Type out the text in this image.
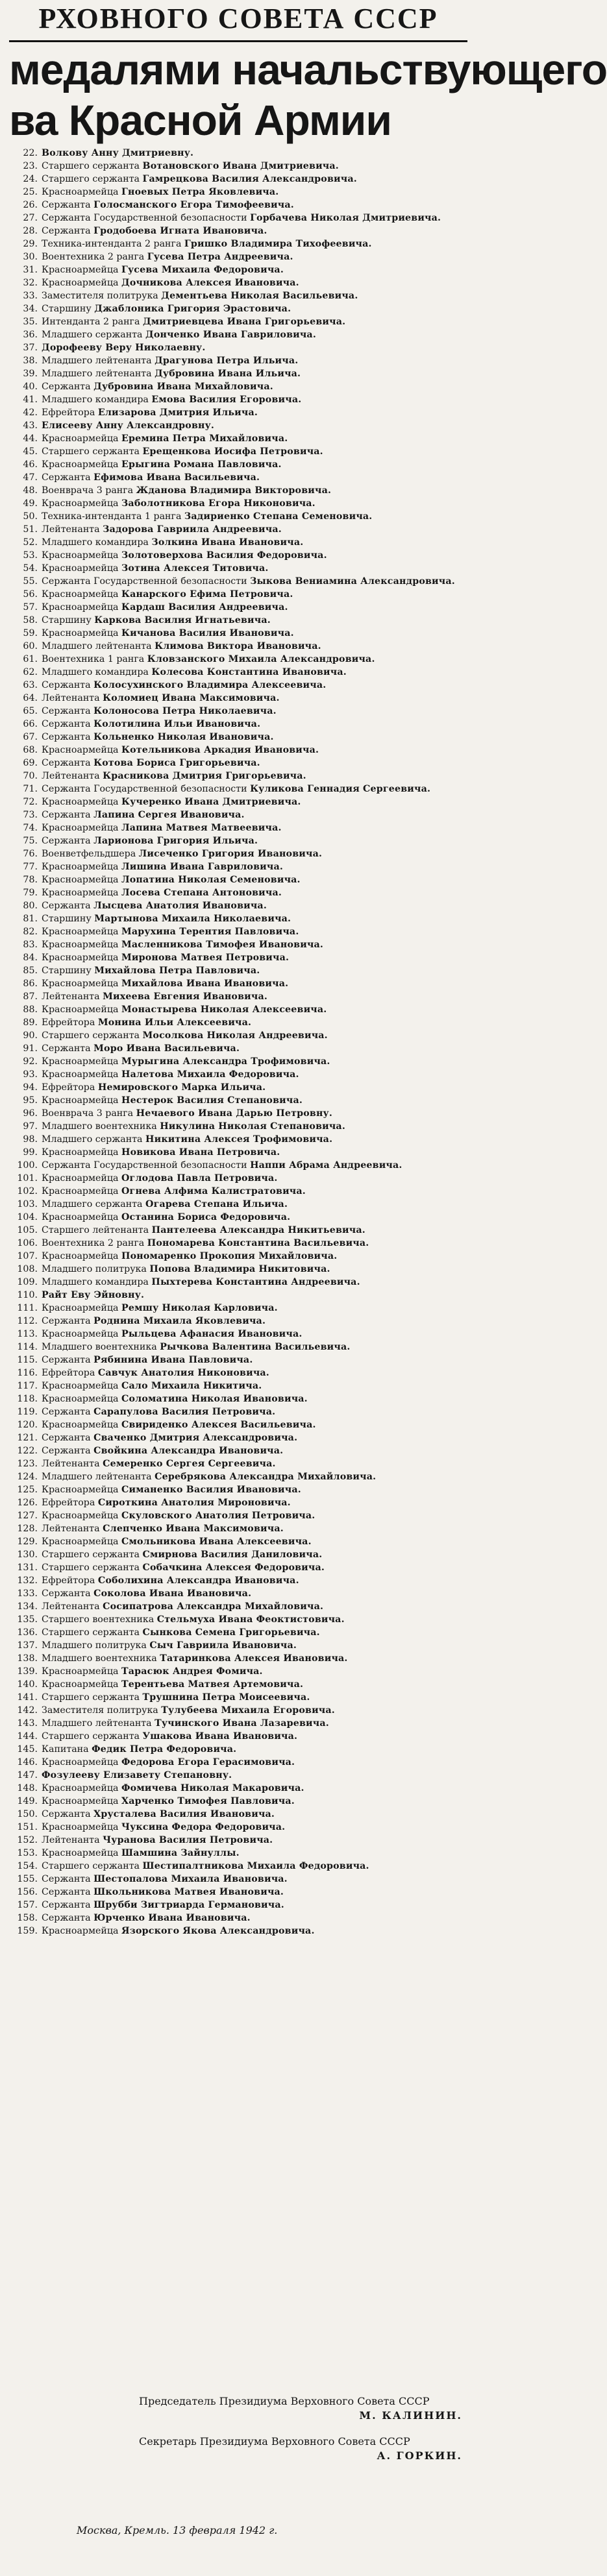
РХОВНОГО СОВЕТА СССР
медалями начальствующего
ва Красной Армии
22. Волкову Анну Дмитриевну.
23. Старшего сержанта Вотановского Ивана Дмитриевича.
24. Старшего сержанта Гамрецкова Василия Александровича.
25. Красноармейца Гноевых Петра Яковлевича.
26. Сержанта Голосманского Егора Тимофеевича.
27. Сержанта Государственной безопасности Горбачева Николая Дмитриевича.
28. Сержанта Гродобоева Игната Ивановича.
29. Техника-интенданта 2 ранга Гришко Владимира Тихофеевича.
30. Воентехника 2 ранга Гусева Петра Андреевича.
31. Красноармейца Гусева Михаила Федоровича.
32. Красноармейца Дочникова Алексея Ивановича.
33. Заместителя политрука Дементьева Николая Васильевича.
34. Старшину Джаблоника Григория Эрастовича.
35. Интенданта 2 ранга Дмитриевцева Ивана Григорьевича.
36. Младшего сержанта Донченко Ивана Гавриловича.
37. Дорофееву Веру Николаевну.
38. Младшего лейтенанта Драгунова Петра Ильича.
39. Младшего лейтенанта Дубровина Ивана Ильича.
40. Сержанта Дубровина Ивана Михайловича.
41. Младшего командира Емова Василия Егоровича.
42. Ефрейтора Елизарова Дмитрия Ильича.
43. Елисееву Анну Александровну.
44. Красноармейца Еремина Петра Михайловича.
45. Старшего сержанта Ерещенкова Иосифа Петровича.
46. Красноармейца Ерыгина Романа Павловича.
47. Сержанта Ефимова Ивана Васильевича.
48. Военврача 3 ранга Жданова Владимира Викторовича.
49. Красноармейца Заболотникова Егора Никоновича.
50. Техника-интенданта 1 ранга Задириенко Степана Семеновича.
51. Лейтенанта Задорова Гавриила Андреевича.
52. Младшего командира Золкина Ивана Ивановича.
53. Красноармейца Золотоверхова Василия Федоровича.
54. Красноармейца Зотина Алексея Титовича.
55. Сержанта Государственной безопасности Зыкова Вениамина Александровича.
56. Красноармейца Канарского Ефима Петровича.
57. Красноармейца Кардаш Василия Андреевича.
58. Старшину Каркова Василия Игнатьевича.
59. Красноармейца Кичанова Василия Ивановича.
60. Младшего лейтенанта Климова Виктора Ивановича.
61. Воентехника 1 ранга Кловзанского Михаила Александровича.
62. Младшего командира Колесова Константина Ивановича.
63. Сержанта Колосухинского Владимира Алексеевича.
64. Лейтенанта Коломиец Ивана Максимовича.
65. Сержанта Колоносова Петра Николаевича.
66. Сержанта Колотилина Ильи Ивановича.
67. Сержанта Кольненко Николая Ивановича.
68. Красноармейца Котельникова Аркадия Ивановича.
69. Сержанта Котова Бориса Григорьевича.
70. Лейтенанта Красникова Дмитрия Григорьевича.
71. Сержанта Государственной безопасности Куликова Геннадия Сергеевича.
72. Красноармейца Кучеренко Ивана Дмитриевича.
73. Сержанта Лапина Сергея Ивановича.
74. Красноармейца Лапина Матвея Матвеевича.
75. Сержанта Ларионова Григория Ильича.
76. Военветфельдшера Лисеченко Григория Ивановича.
77. Красноармейца Лишина Ивана Гавриловича.
78. Красноармейца Лопатина Николая Семеновича.
79. Красноармейца Лосева Степана Антоновича.
80. Сержанта Лысцева Анатолия Ивановича.
81. Старшину Мартынова Михаила Николаевича.
82. Красноармейца Марухина Терентия Павловича.
83. Красноармейца Масленникова Тимофея Ивановича.
84. Красноармейца Миронова Матвея Петровича.
85. Старшину Михайлова Петра Павловича.
86. Красноармейца Михайлова Ивана Ивановича.
87. Лейтенанта Михеева Евгения Ивановича.
88. Красноармейца Монастырева Николая Алексеевича.
89. Ефрейтора Монина Ильи Алексеевича.
90. Старшего сержанта Мосолкова Николая Андреевича.
91. Сержанта Моро Ивана Васильевича.
92. Красноармейца Мурыгина Александра Трофимовича.
93. Красноармейца Налетова Михаила Федоровича.
94. Ефрейтора Немировского Марка Ильича.
95. Красноармейца Нестерок Василия Степановича.
96. Военврача 3 ранга Нечаевого Ивана Дарью Петровну.
97. Младшего воентехника Никулина Николая Степановича.
98. Младшего сержанта Никитина Алексея Трофимовича.
99. Красноармейца Новикова Ивана Петровича.
100. Сержанта Государственной безопасности Наппи Абрама Андреевича.
101. Красноармейца Оглодова Павла Петровича.
102. Красноармейца Огнева Алфима Калистратовича.
103. Младшего сержанта Огарева Степана Ильича.
104. Красноармейца Останина Бориса Федоровича.
105. Старшего лейтенанта Пантелеева Александра Никитьевича.
106. Воентехника 2 ранга Пономарева Константина Васильевича.
107. Красноармейца Пономаренко Прокопия Михайловича.
108. Младшего политрука Попова Владимира Никитовича.
109. Младшего командира Пыхтерева Константина Андреевича.
110. Райт Еву Эйновну.
111. Красноармейца Ремшу Николая Карловича.
112. Сержанта Роднина Михаила Яковлевича.
113. Красноармейца Рыльцева Афанасия Ивановича.
114. Младшего воентехника Рычкова Валентина Васильевича.
115. Сержанта Рябинина Ивана Павловича.
116. Ефрейтора Савчук Анатолия Никоновича.
117. Красноармейца Сало Михаила Никитича.
118. Красноармейца Соломатина Николая Ивановича.
119. Сержанта Сарапулова Василия Петровича.
120. Красноармейца Свириденко Алексея Васильевича.
121. Сержанта Сваченко Дмитрия Александровича.
122. Сержанта Свойкина Александра Ивановича.
123. Лейтенанта Семеренко Сергея Сергеевича.
124. Младшего лейтенанта Серебрякова Александра Михайловича.
125. Красноармейца Симаненко Василия Ивановича.
126. Ефрейтора Сироткина Анатолия Мироновича.
127. Красноармейца Скуловского Анатолия Петровича.
128. Лейтенанта Слепченко Ивана Максимовича.
129. Красноармейца Смольникова Ивана Алексеевича.
130. Старшего сержанта Смирнова Василия Даниловича.
131. Старшего сержанта Собачкина Алексея Федоровича.
132. Ефрейтора Соболихина Александра Ивановича.
133. Сержанта Соколова Ивана Ивановича.
134. Лейтенанта Сосипатрова Александра Михайловича.
135. Старшего воентехника Стельмуха Ивана Феоктистовича.
136. Старшего сержанта Сынкова Семена Григорьевича.
137. Младшего политрука Сыч Гавриила Ивановича.
138. Младшего воентехника Татаринкова Алексея Ивановича.
139. Красноармейца Тарасюк Андрея Фомича.
140. Красноармейца Терентьева Матвея Артемовича.
141. Старшего сержанта Трушнина Петра Моисеевича.
142. Заместителя политрука Тулубеева Михаила Егоровича.
143. Младшего лейтенанта Тучинского Ивана Лазаревича.
144. Старшего сержанта Ушакова Ивана Ивановича.
145. Капитана Федик Петра Федоровича.
146. Красноармейца Федорова Егора Герасимовича.
147. Фозулееву Елизавету Степановну.
148. Красноармейца Фомичева Николая Макаровича.
149. Красноармейца Харченко Тимофея Павловича.
150. Сержанта Хрусталева Василия Ивановича.
151. Красноармейца Чуксина Федора Федоровича.
152. Лейтенанта Чуранова Василия Петровича.
153. Красноармейца Шамшина Зайнуллы.
154. Старшего сержанта Шестипалтникова Михаила Федоровича.
155. Сержанта Шестопалова Михаила Ивановича.
156. Сержанта Школьникова Матвея Ивановича.
157. Сержанта Шрубби Зигтриарда Германовича.
158. Сержанта Юрченко Ивана Ивановича.
159. Красноармейца Язорского Якова Александровича.
Председатель Президиума Верховного Совета СССР
М. КАЛИНИН.
Секретарь Президиума Верховного Совета СССР
А. ГОРКИН.
Москва, Кремль. 13 февраля 1942 г.
